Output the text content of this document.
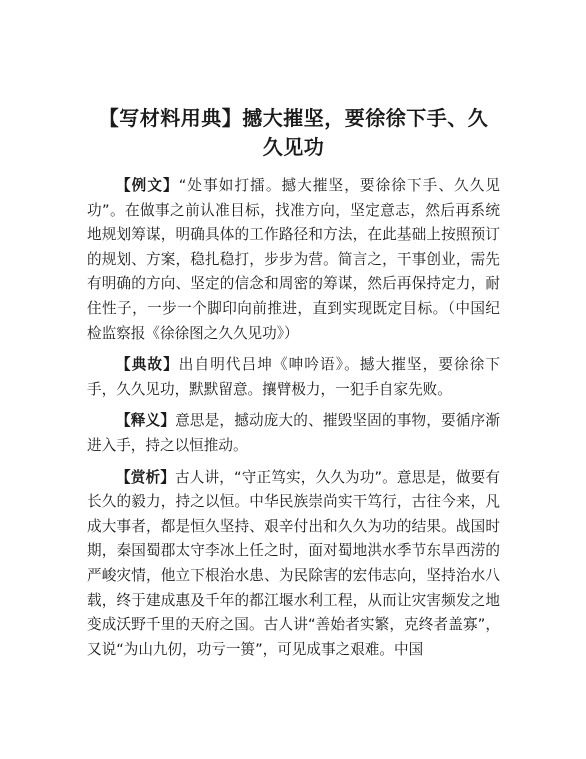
【写材料用典】撼大摧坚，要徐徐下手、久久见功

【例文】“处事如打擂。撼大摧坚，要徐徐下手、久久见功”。在做事之前认准目标，找准方向，坚定意志，然后再系统地规划筹谋，明确具体的工作路径和方法，在此基础上按照预订的规划、方案，稳扎稳打，步步为营。简言之，干事创业，需先有明确的方向、坚定的信念和周密的筹谋，然后再保持定力，耐住性子，一步一个脚印向前推进，直到实现既定目标。（中国纪检监察报《徐徐图之久久见功》）

【典故】出自明代吕坤《呻吟语》。撼大摧坚，要徐徐下手，久久见功，默默留意。攘臂极力，一犯手自家先败。

【释义】意思是，撼动庞大的、摧毁坚固的事物，要循序渐进入手，持之以恒推动。

【赏析】古人讲，“守正笃实，久久为功”。意思是，做要有长久的毅力，持之以恒。中华民族崇尚实干笃行，古往今来，凡成大事者，都是恒久坚持、艰辛付出和久久为功的结果。战国时期，秦国蜀郡太守李冰上任之时，面对蜀地洪水季节东旱西涝的严峻灾情，他立下根治水患、为民除害的宏伟志向，坚持治水八载，终于建成惠及千年的都江堰水利工程，从而让灾害频发之地变成沃野千里的天府之国。古人讲“善始者实繁，克终者盖寡”，又说“为山九仞，功亏一篑”，可见成事之艰难。中国
